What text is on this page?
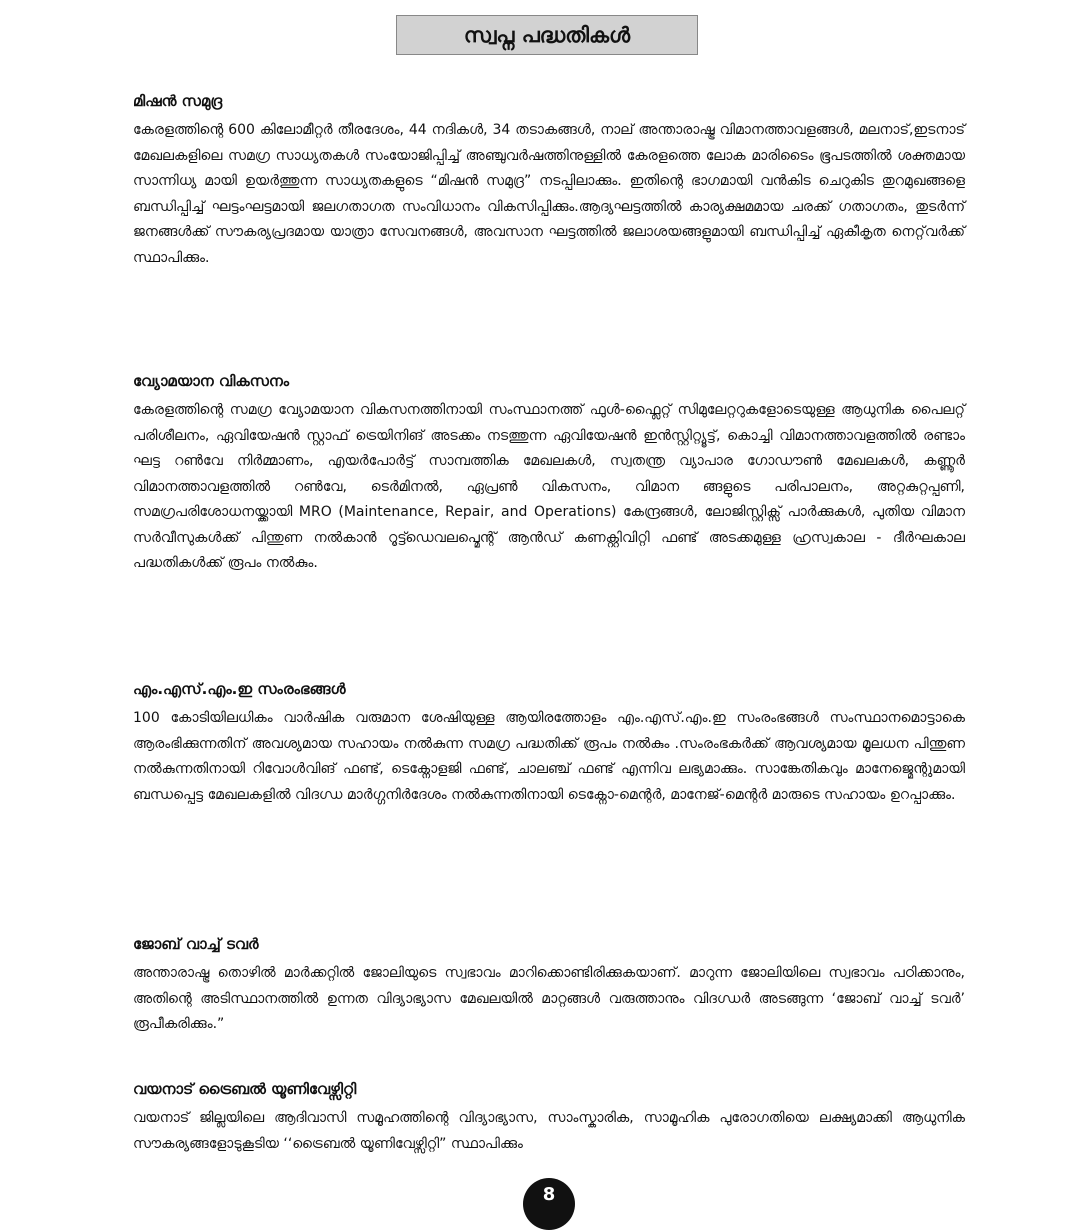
സ്വപ്ന പദ്ധതികൾ
മിഷൻ സമുദ്ര

കേരളത്തിന്റെ 600 കിലോമീറ്റർ തീരദേശം, 44 നദികൾ, 34 തടാകങ്ങൾ, നാല് അന്താരാഷ്ട്ര വിമാനത്താവളങ്ങൾ, മലനാട്,ഇടനാട് മേഖലകളിലെ സമഗ്ര സാധ്യതകൾ സംയോജിപ്പിച്ച് അഞ്ചുവർഷത്തിനുള്ളിൽ കേരളത്തെ ലോക മാരിടൈം ഭൂപടത്തിൽ ശക്തമായ സാന്നിധ്യ മായി ഉയർത്തുന്ന സാധ്യതകളുടെ “മിഷൻ സമുദ്ര” നടപ്പിലാക്കും. ഇതിന്റെ ഭാഗമായി വൻകിട ചെറുകിട തുറമുഖങ്ങളെ ബന്ധിപ്പിച്ച് ഘട്ടംഘട്ടമായി ജലഗതാഗത സംവിധാനം വികസിപ്പിക്കും.ആദ്യഘട്ടത്തിൽ കാര്യക്ഷമമായ ചരക്ക് ഗതാഗതം, തുടർന്ന് ജനങ്ങൾക്ക് സൗകര്യപ്രദമായ യാത്രാ സേവനങ്ങൾ, അവസാന ഘട്ടത്തിൽ ജലാശയങ്ങളുമായി ബന്ധിപ്പിച്ച് ഏകീകൃത നെറ്റ്‌വർക്ക് സ്ഥാപിക്കും.

വ്യോമയാന വികസനം

കേരളത്തിന്റെ സമഗ്ര വ്യോമയാന വികസനത്തിനായി സംസ്ഥാനത്ത് ഫുൾ-ഫ്ലൈറ്റ് സിമുലേറ്ററുകളോടെയുള്ള ആധുനിക പൈലറ്റ് പരിശീലനം, ഏവിയേഷൻ സ്റ്റാഫ് ട്രെയിനിങ് അടക്കം നടത്തുന്ന ഏവിയേഷൻ ഇൻസ്റ്റിറ്റ്യൂട്ട്, കൊച്ചി വിമാനത്താവളത്തിൽ രണ്ടാം ഘട്ട റൺവേ നിർമ്മാണം, എയർപോർട്ട് സാമ്പത്തിക മേഖലകൾ, സ്വതന്ത്ര വ്യാപാര ഗോഡൗൺ മേഖലകൾ, കണ്ണൂർ വിമാനത്താവളത്തിൽ റൺവേ, ടെർമിനൽ, ഏപ്രൺ വികസനം, വിമാന ങ്ങളുടെ പരിപാലനം, അറ്റകുറ്റപ്പണി, സമഗ്രപരിശോധനയ്ക്കായി MRO (Maintenance, Repair, and Operations) കേന്ദ്രങ്ങൾ, ലോജിസ്റ്റിക്സ് പാർക്കുകൾ, പുതിയ വിമാന സർവീസുകൾക്ക് പിന്തുണ നൽകാൻ റൂട്ട്ഡെവലപ്മെന്റ് ആൻഡ് കണക്റ്റിവിറ്റി ഫണ്ട് അടക്കമുള്ള ഹ്രസ്വകാല - ദീർഘകാല പദ്ധതികൾക്ക് രൂപം നൽകും.

എം.എസ്.എം.ഇ സംരംഭങ്ങൾ

100 കോടിയിലധികം വാർഷിക വരുമാന ശേഷിയുള്ള ആയിരത്തോളം എം.എസ്.എം.ഇ സംരംഭങ്ങൾ സംസ്ഥാനമൊട്ടാകെ ആരംഭിക്കുന്നതിന് അവശ്യമായ സഹായം നൽകുന്ന സമഗ്ര പദ്ധതിക്ക് രൂപം നൽകും .സംരംഭകർക്ക് ആവശ്യമായ മൂലധന പിന്തുണ നൽകുന്നതിനായി റിവോൾവിങ് ഫണ്ട്, ടെക്നോളജി ഫണ്ട്, ചാലഞ്ച് ഫണ്ട് എന്നിവ ലഭ്യമാക്കും. സാങ്കേതികവും മാനേജ്മെന്റുമായി ബന്ധപ്പെട്ട മേഖലകളിൽ വിദഗ്ധ മാർഗ്ഗനിർദേശം നൽകുന്നതിനായി ടെക്നോ-മെന്റർ, മാനേജ്-മെന്റർ മാരുടെ സഹായം ഉറപ്പാക്കും.

ജോബ് വാച്ച് ടവർ

അന്താരാഷ്ട്ര തൊഴിൽ മാർക്കറ്റിൽ ജോലിയുടെ സ്വഭാവം മാറിക്കൊണ്ടിരിക്കുകയാണ്. മാറുന്ന ജോലിയിലെ സ്വഭാവം പഠിക്കാനും, അതിന്റെ അടിസ്ഥാനത്തിൽ ഉന്നത വിദ്യാഭ്യാസ മേഖലയിൽ മാറ്റങ്ങൾ വരുത്താനും വിദഗ്ധർ അടങ്ങുന്ന ‘ജോബ് വാച്ച് ടവർ’ രൂപീകരിക്കും.”

വയനാട് ട്രൈബൽ യൂണിവേഴ്സിറ്റി

വയനാട് ജില്ലയിലെ ആദിവാസി സമൂഹത്തിന്റെ വിദ്യാഭ്യാസ, സാംസ്കാരിക, സാമൂഹിക പുരോഗതിയെ ലക്ഷ്യമാക്കി ആധുനിക സൗകര്യങ്ങളോടുകൂടിയ ‘‘ട്രൈബൽ യൂണിവേഴ്സിറ്റി” സ്ഥാപിക്കും

8
